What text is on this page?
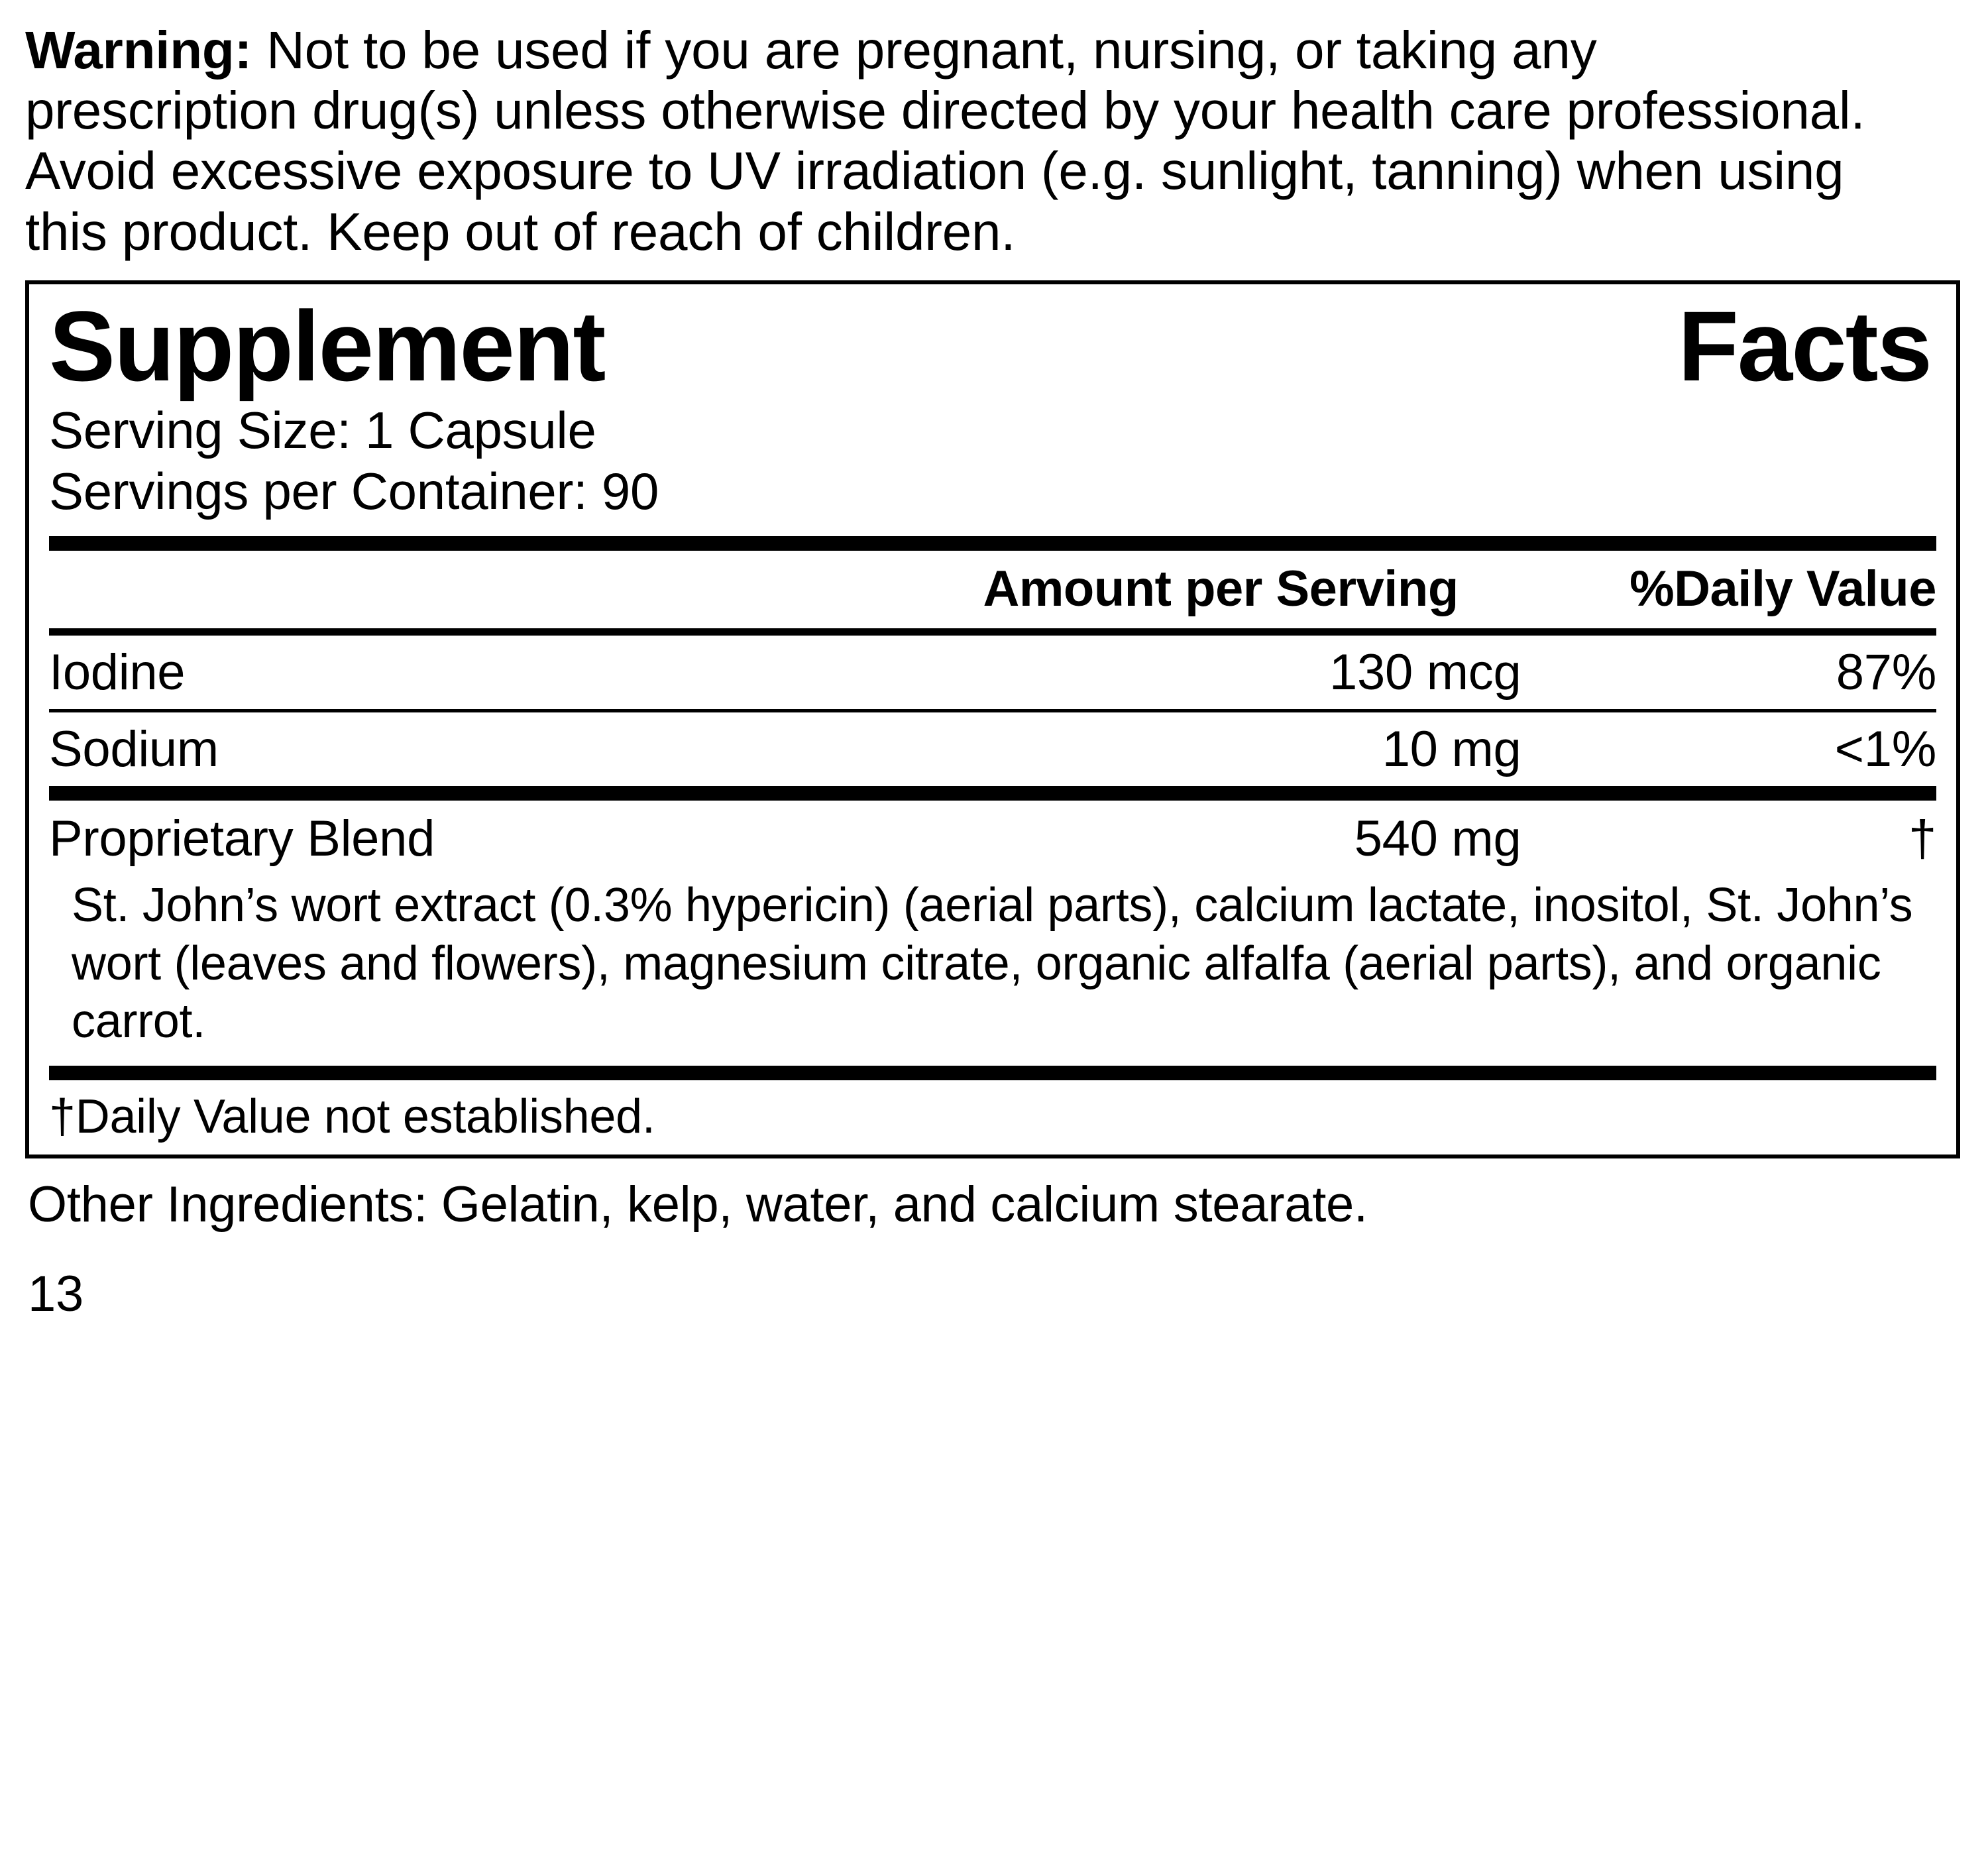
Warning: Not to be used if you are pregnant, nursing, or taking any prescription drug(s) unless otherwise directed by your health care professional. Avoid excessive exposure to UV irradiation (e.g. sunlight, tanning) when using this product. Keep out of reach of children.

Supplement	Facts
Serving Size: 1 Capsule
Servings per Container: 90
	Amount per Serving	%Daily Value
Iodine	130 mcg	87%
Sodium	10 mg	<1%
Proprietary Blend	540 mg	†
St. John’s wort extract (0.3% hypericin) (aerial parts), calcium lactate, inositol, St. John’s wort (leaves and flowers), magnesium citrate, organic alfalfa (aerial parts), and organic carrot.
†Daily Value not established.
Other Ingredients: Gelatin, kelp, water, and calcium stearate.
13
